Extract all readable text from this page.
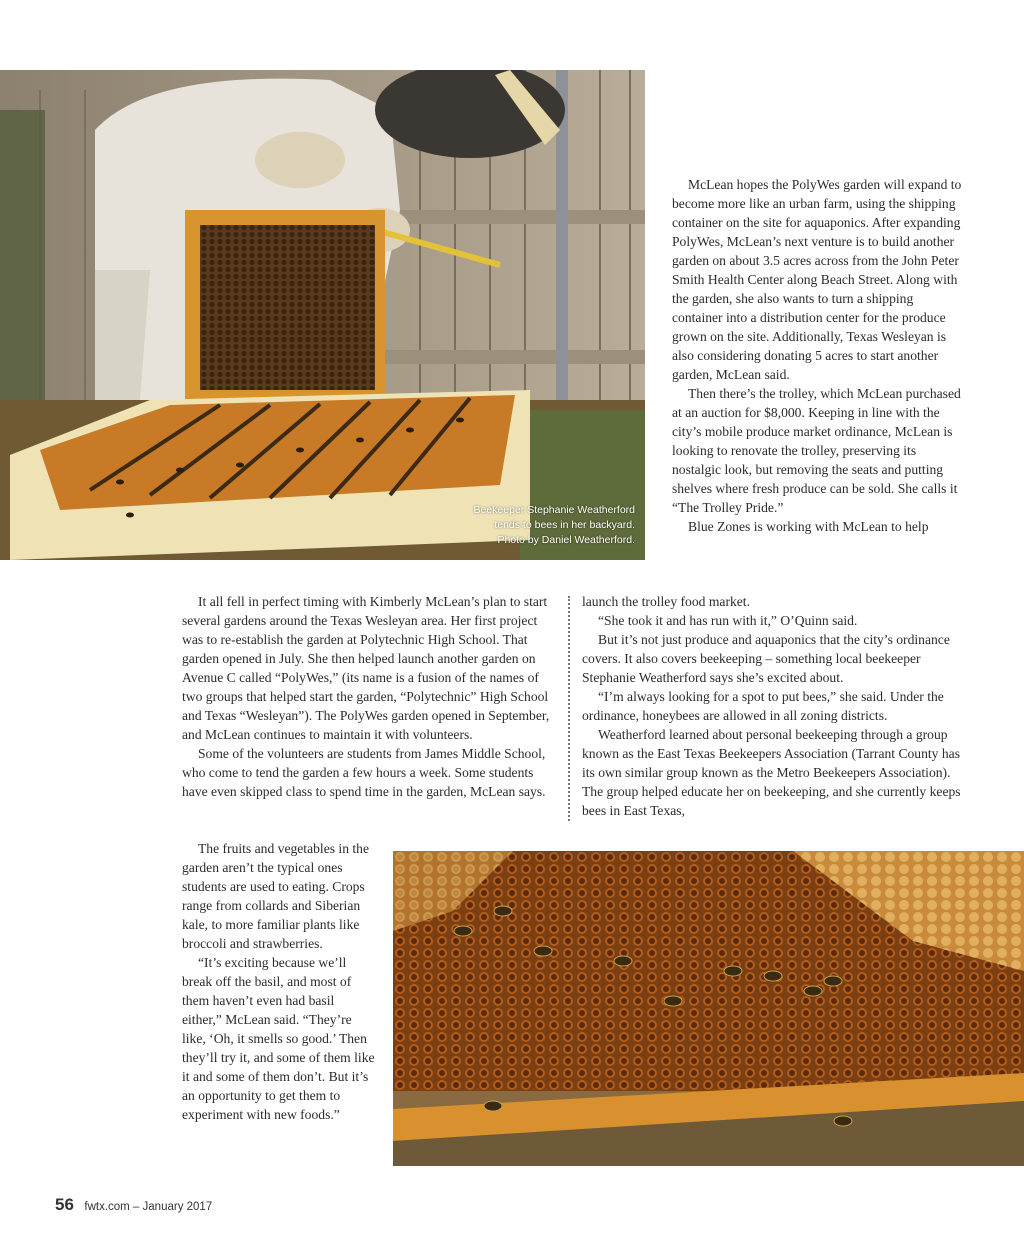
Beekeeper Stephanie Weatherford
tends to bees in her backyard.
Photo by Daniel Weatherford.

McLean hopes the PolyWes garden will expand to become more like an urban farm, using the shipping container on the site for aquaponics. After expanding PolyWes, McLean’s next venture is to build another garden on about 3.5 acres across from the John Peter Smith Health Center along Beach Street. Along with the garden, she also wants to turn a shipping container into a distribution center for the produce grown on the site. Additionally, Texas Wesleyan is also considering donating 5 acres to start another garden, McLean said.

Then there’s the trolley, which McLean purchased at an auction for $8,000. Keeping in line with the city’s mobile produce market ordinance, McLean is looking to renovate the trolley, preserving its nostalgic look, but removing the seats and putting shelves where fresh produce can be sold. She calls it “The Trolley Pride.”

Blue Zones is working with McLean to help

It all fell in perfect timing with Kimberly McLean’s plan to start several gardens around the Texas Wesleyan area. Her first project was to re-establish the garden at Polytechnic High School. That garden opened in July. She then helped launch another garden on Avenue C called “PolyWes,” (its name is a fusion of the names of two groups that helped start the garden, “Polytechnic” High School and Texas “Wesleyan”). The PolyWes garden opened in September, and McLean continues to maintain it with volunteers.

Some of the volunteers are students from James Middle School, who come to tend the garden a few hours a week. Some students have even skipped class to spend time in the garden, McLean says.

The fruits and vegetables in the garden aren’t the typical ones students are used to eating. Crops range from collards and Siberian kale, to more familiar plants like broccoli and strawberries.

“It’s exciting because we’ll break off the basil, and most of them haven’t even had basil either,” McLean said. “They’re like, ‘Oh, it smells so good.’ Then they’ll try it, and some of them like it and some of them don’t. But it’s an opportunity to get them to experiment with new foods.”

launch the trolley food market.

“She took it and has run with it,” O’Quinn said.

But it’s not just produce and aquaponics that the city’s ordinance covers. It also covers beekeeping – something local beekeeper Stephanie Weatherford says she’s excited about.

“I’m always looking for a spot to put bees,” she said. Under the ordinance, honeybees are allowed in all zoning districts.

Weatherford learned about personal beekeeping through a group known as the East Texas Beekeepers Association (Tarrant County has its own similar group known as the Metro Beekeepers Association). The group helped educate her on beekeeping, and she currently keeps bees in East Texas,

56 fwtx.com – January 2017
